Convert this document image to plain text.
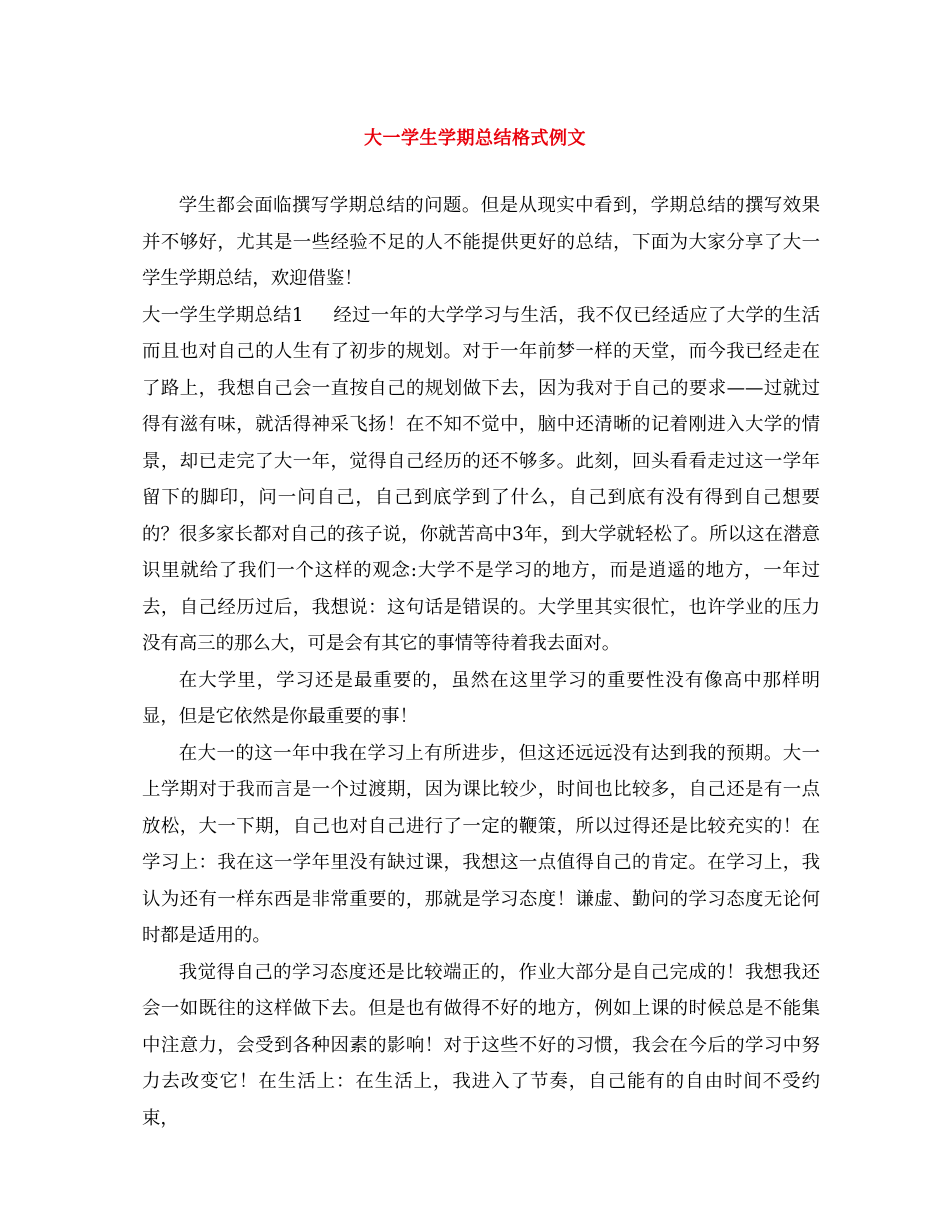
大一学生学期总结格式例文

学生都会面临撰写学期总结的问题。但是从现实中看到，学期总结的撰写效果并不够好，尤其是一些经验不足的人不能提供更好的总结，下面为大家分享了大一学生学期总结，欢迎借鉴！

大一学生学期总结1 经过一年的大学学习与生活，我不仅已经适应了大学的生活而且也对自己的人生有了初步的规划。对于一年前梦一样的天堂，而今我已经走在了路上，我想自己会一直按自己的规划做下去，因为我对于自己的要求——过就过得有滋有味，就活得神采飞扬！在不知不觉中，脑中还清晰的记着刚进入大学的情景，却已走完了大一年，觉得自己经历的还不够多。此刻，回头看看走过这一学年留下的脚印，问一问自己，自己到底学到了什么，自己到底有没有得到自己想要的？很多家长都对自己的孩子说，你就苦高中3年，到大学就轻松了。所以这在潜意识里就给了我们一个这样的观念:大学不是学习的地方，而是逍遥的地方，一年过去，自己经历过后，我想说：这句话是错误的。大学里其实很忙，也许学业的压力没有高三的那么大，可是会有其它的事情等待着我去面对。

在大学里，学习还是最重要的，虽然在这里学习的重要性没有像高中那样明显，但是它依然是你最重要的事！

在大一的这一年中我在学习上有所进步，但这还远远没有达到我的预期。大一上学期对于我而言是一个过渡期，因为课比较少，时间也比较多，自己还是有一点放松，大一下期，自己也对自己进行了一定的鞭策，所以过得还是比较充实的！在学习上：我在这一学年里没有缺过课，我想这一点值得自己的肯定。在学习上，我认为还有一样东西是非常重要的，那就是学习态度！谦虚、勤问的学习态度无论何时都是适用的。

我觉得自己的学习态度还是比较端正的，作业大部分是自己完成的！我想我还会一如既往的这样做下去。但是也有做得不好的地方，例如上课的时候总是不能集中注意力，会受到各种因素的影响！对于这些不好的习惯，我会在今后的学习中努力去改变它！在生活上：在生活上，我进入了节奏，自己能有的自由时间不受约束，
